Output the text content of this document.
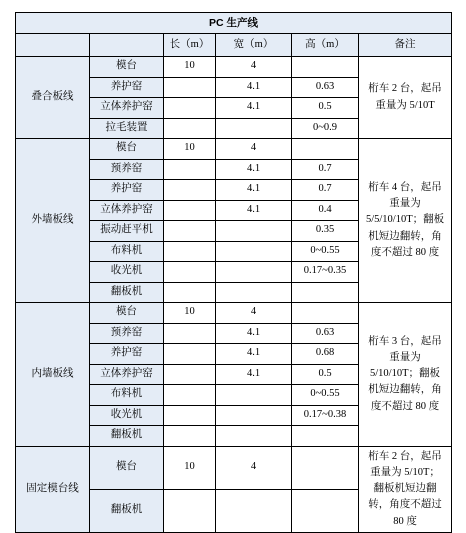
PC 生产线					
		长（m）	宽（m）	高（m）	备注
叠合板线	模台	10	4		桁车 2 台，起吊重量为 5/10T
	养护窑		4.1	0.63	
	立体养护窑		4.1	0.5	
	拉毛装置			0~0.9	
外墙板线	模台	10	4		桁车 4 台，起吊重量为 5/5/10/10T；翻板机短边翻转，角度不超过 80 度
	预养窑		4.1	0.7	
	养护窑		4.1	0.7	
	立体养护窑		4.1	0.4	
	振动赶平机			0.35	
	布料机			0~0.55	
	收光机			0.17~0.35	
	翻板机				
内墙板线	模台	10	4		桁车 3 台，起吊重量为 5/10/10T；翻板机短边翻转，角度不超过 80 度
	预养窑		4.1	0.63	
	养护窑		4.1	0.68	
	立体养护窑		4.1	0.5	
	布料机			0~0.55	
	收光机			0.17~0.38	
	翻板机				
固定模台线	模台	10	4		桁车 2 台，起吊重量为 5/10T；翻板机短边翻转，角度不超过 80 度
	翻板机				
